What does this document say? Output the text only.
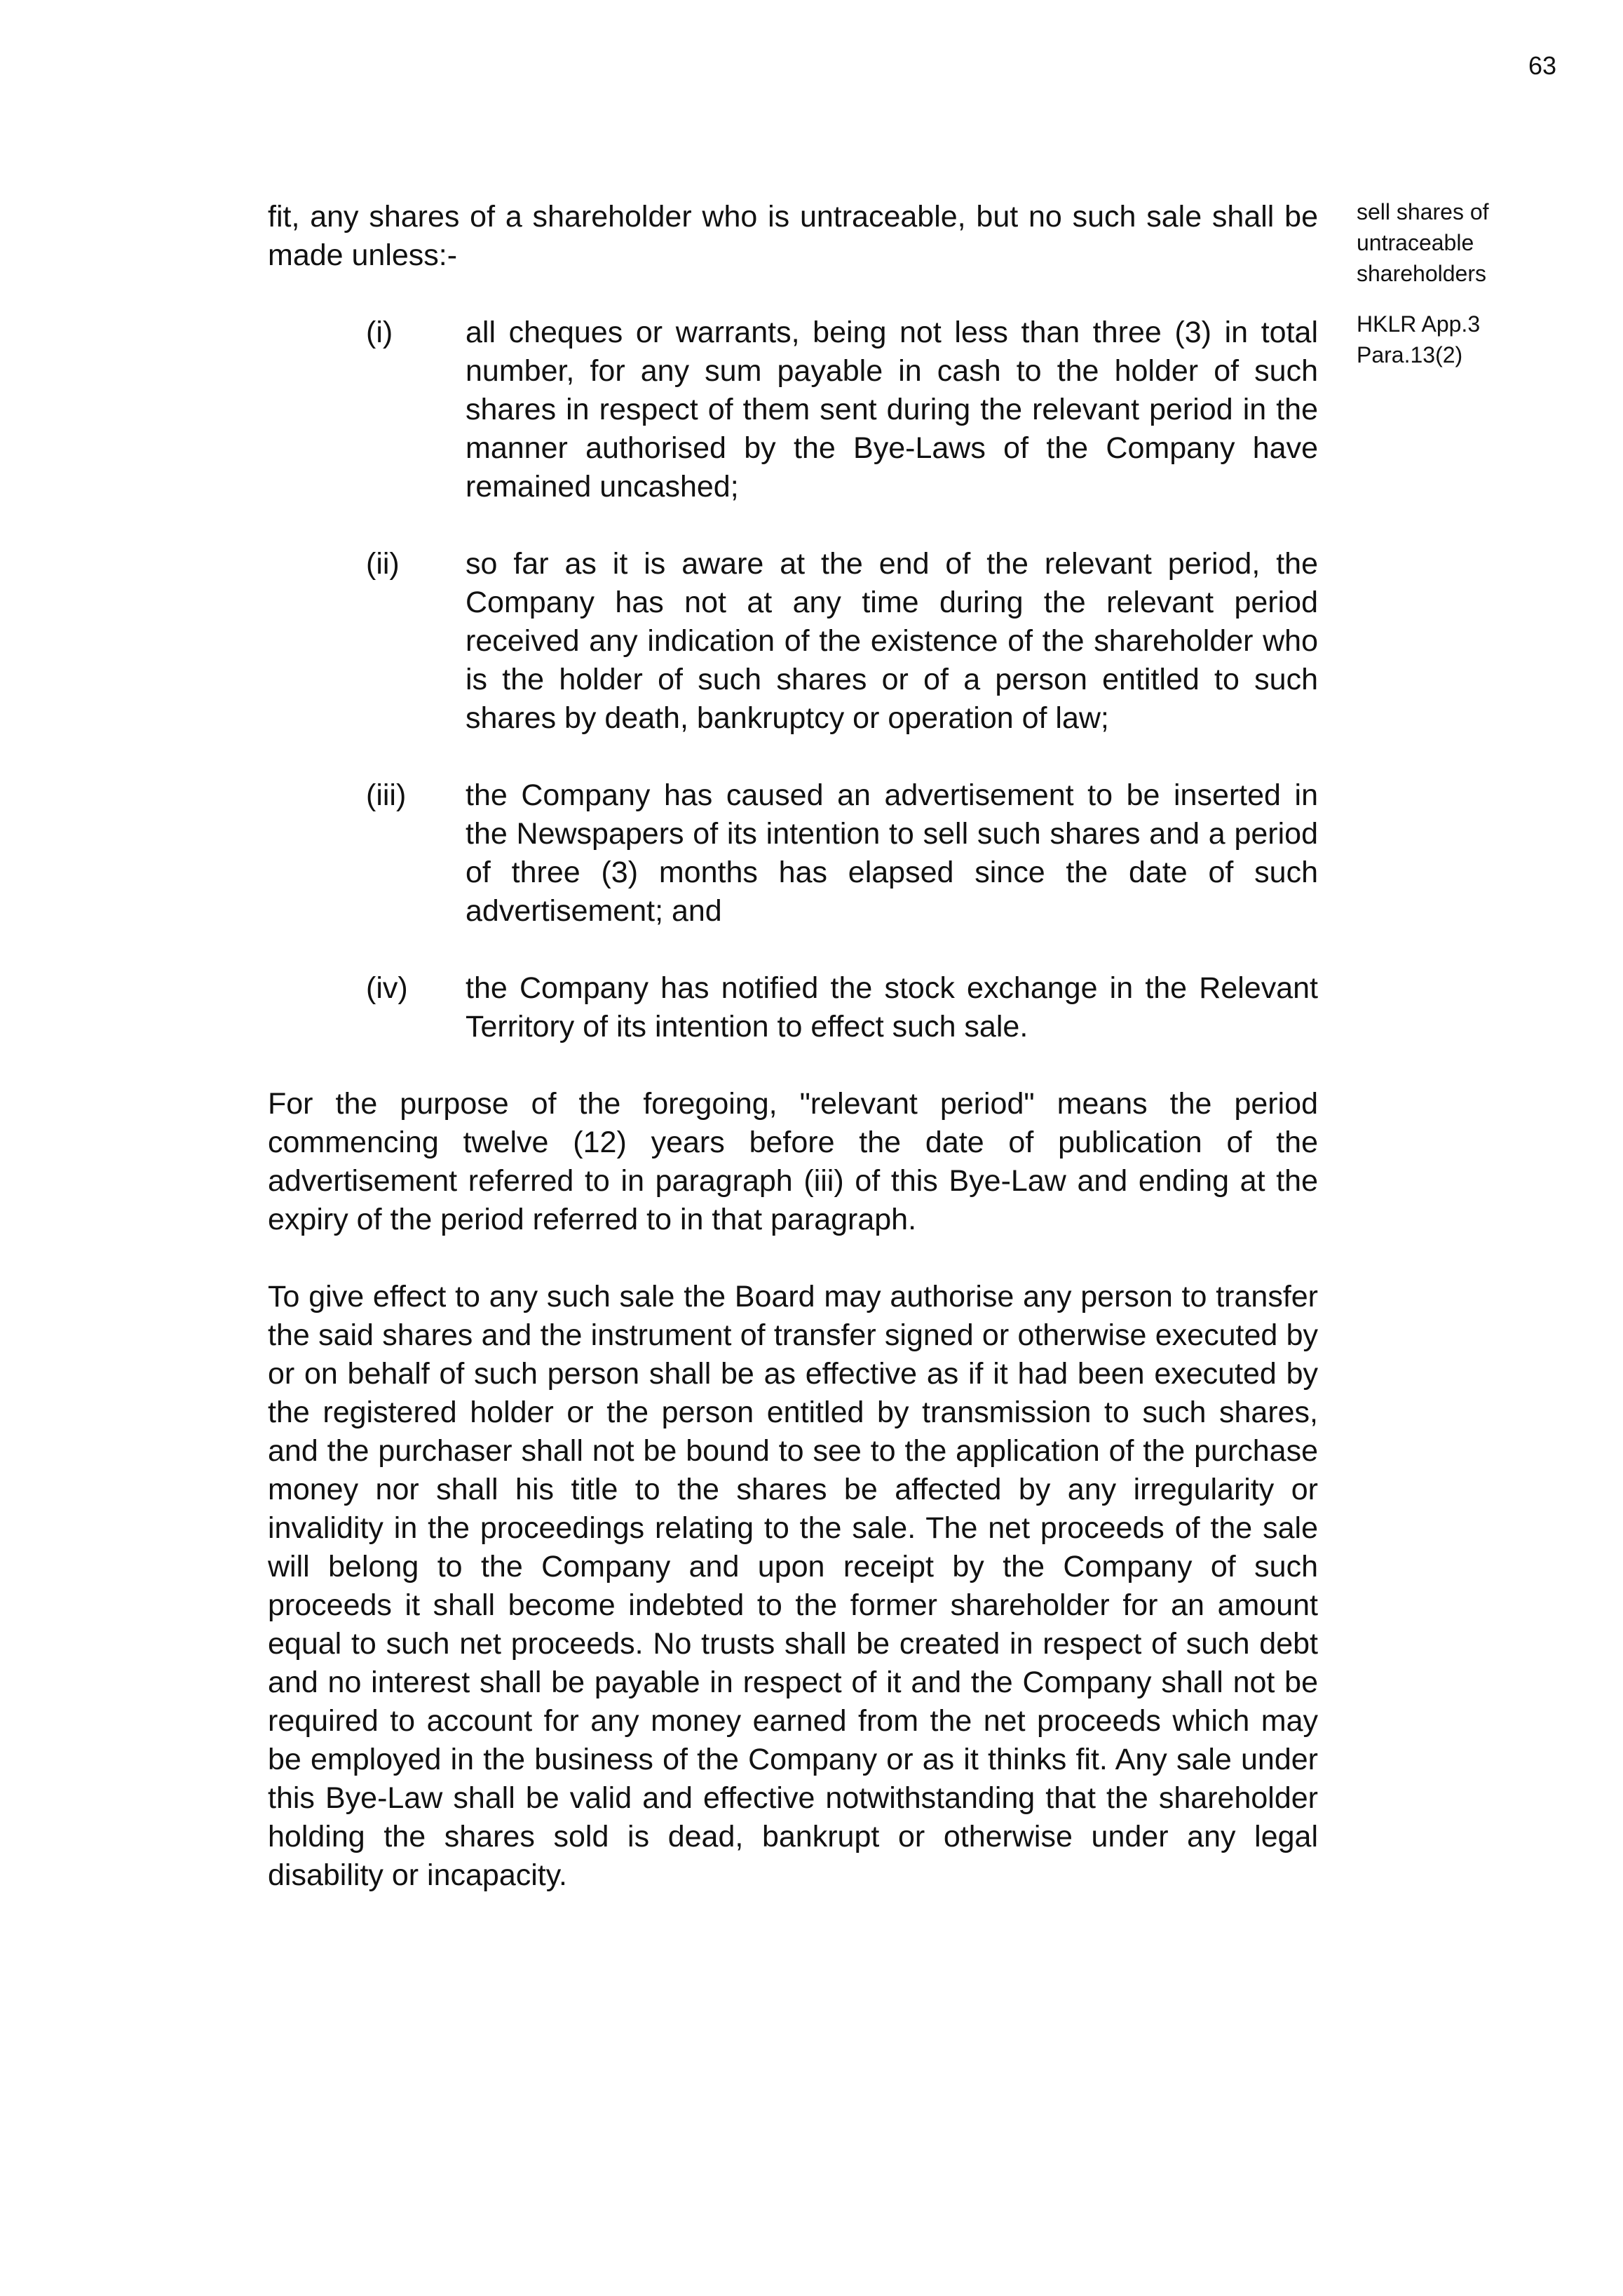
63

sell shares of
untraceable
shareholders

HKLR App.3
Para.13(2)

fit, any shares of a shareholder who is untraceable, but no such sale shall be made unless:-

(i)	all cheques or warrants, being not less than three (3) in total number, for any sum payable in cash to the holder of such shares in respect of them sent during the relevant period in the manner authorised by the Bye-Laws of the Company have remained uncashed;
(ii)	so far as it is aware at the end of the relevant period, the Company has not at any time during the relevant period received any indication of the existence of the shareholder who is the holder of such shares or of a person entitled to such shares by death, bankruptcy or operation of law;
(iii)	the Company has caused an advertisement to be inserted in the Newspapers of its intention to sell such shares and a period of three (3) months has elapsed since the date of such advertisement; and
(iv)	the Company has notified the stock exchange in the Relevant Territory of its intention to effect such sale.

For the purpose of the foregoing, "relevant period" means the period commencing twelve (12) years before the date of publication of the advertisement referred to in paragraph (iii) of this Bye-Law and ending at the expiry of the period referred to in that paragraph.

To give effect to any such sale the Board may authorise any person to transfer the said shares and the instrument of transfer signed or otherwise executed by or on behalf of such person shall be as effective as if it had been executed by the registered holder or the person entitled by transmission to such shares, and the purchaser shall not be bound to see to the application of the purchase money nor shall his title to the shares be affected by any irregularity or invalidity in the proceedings relating to the sale. The net proceeds of the sale will belong to the Company and upon receipt by the Company of such proceeds it shall become indebted to the former shareholder for an amount equal to such net proceeds. No trusts shall be created in respect of such debt and no interest shall be payable in respect of it and the Company shall not be required to account for any money earned from the net proceeds which may be employed in the business of the Company or as it thinks fit. Any sale under this Bye-Law shall be valid and effective notwithstanding that the shareholder holding the shares sold is dead, bankrupt or otherwise under any legal disability or incapacity.
